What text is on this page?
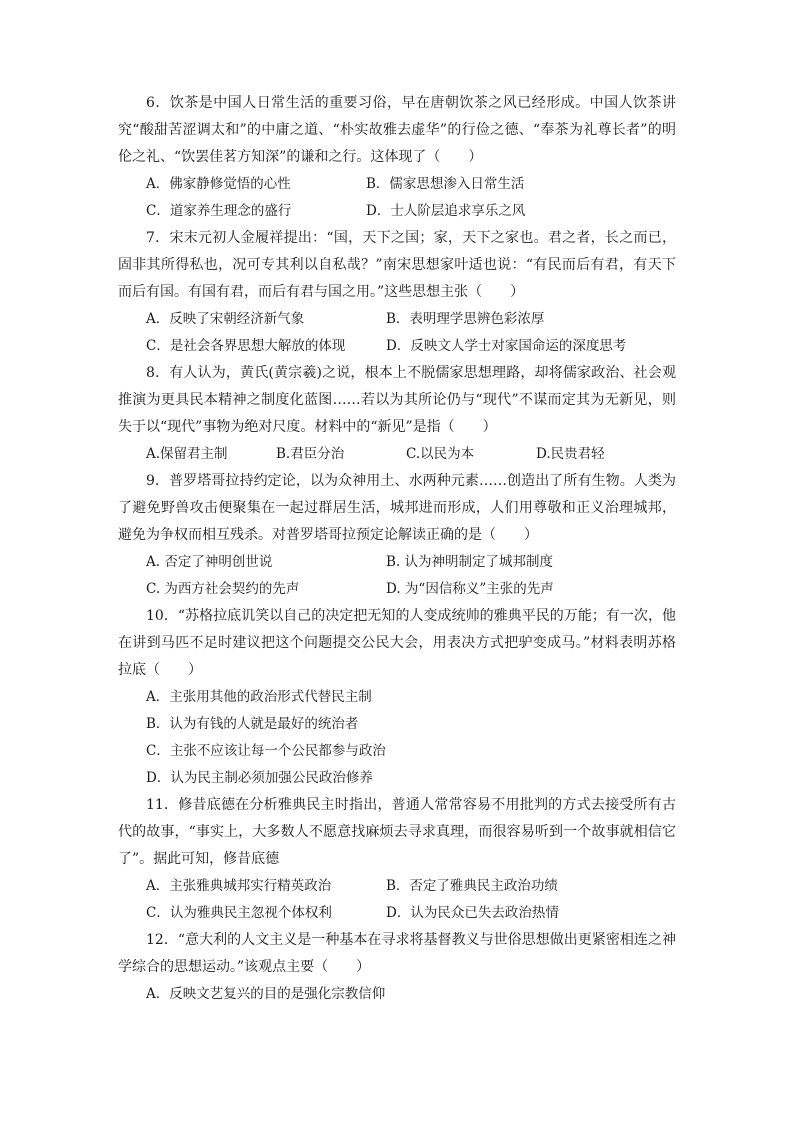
6．饮茶是中国人日常生活的重要习俗，早在唐朝饮茶之风已经形成。中国人饮茶讲究“酸甜苦涩调太和”的中庸之道、“朴实故雅去虚华”的行俭之德、“奉茶为礼尊长者”的明伦之礼、“饮罢佳茗方知深”的谦和之行。这体现了（　　）

A．佛家静修觉悟的心性	B．儒家思想渗入日常生活
C．道家养生理念的盛行	D．士人阶层追求享乐之风

7．宋末元初人金履祥提出：“国，天下之国；家，天下之家也。君之者，长之而已，固非其所得私也，况可专其利以自私哉？”南宋思想家叶适也说：“有民而后有君，有天下而后有国。有国有君，而后有君与国之用。”这些思想主张（　　）

A．反映了宋朝经济新气象	B．表明理学思辨色彩浓厚
C．是社会各界思想大解放的体现	D．反映文人学士对家国命运的深度思考

8．有人认为，黄氏(黄宗羲)之说，根本上不脱儒家思想理路，却将儒家政治、社会观推演为更具民本精神之制度化蓝图……若以为其所论仍与“现代”不谋而定其为无新见，则失于以“现代”事物为绝对尺度。材料中的“新见”是指（　　）

A.保留君主制	B.君臣分治	C.以民为本	D.民贵君轻

9．普罗塔哥拉持约定论，以为众神用土、水两种元素……创造出了所有生物。人类为了避免野兽攻击便聚集在一起过群居生活，城邦进而形成，人们用尊敬和正义治理城邦，避免为争权而相互残杀。对普罗塔哥拉预定论解读正确的是（　　）

A. 否定了神明创世说	B. 认为神明制定了城邦制度
C. 为西方社会契约的先声	D. 为“因信称义”主张的先声

10．“苏格拉底讥笑以自己的决定把无知的人变成统帅的雅典平民的万能；有一次，他在讲到马匹不足时建议把这个问题提交公民大会，用表决方式把驴变成马。”材料表明苏格拉底（　　）

A．主张用其他的政治形式代替民主制
B．认为有钱的人就是最好的统治者
C．主张不应该让每一个公民都参与政治
D．认为民主制必须加强公民政治修养

11．修昔底德在分析雅典民主时指出，普通人常常容易不用批判的方式去接受所有古代的故事，“事实上，大多数人不愿意找麻烦去寻求真理，而很容易听到一个故事就相信它了”。据此可知，修昔底德

A．主张雅典城邦实行精英政治	B．否定了雅典民主政治功绩
C．认为雅典民主忽视个体权利	D．认为民众已失去政治热情

12．“意大利的人文主义是一种基本在寻求将基督教义与世俗思想做出更紧密相连之神学综合的思想运动。”该观点主要（　　）

A．反映文艺复兴的目的是强化宗教信仰
